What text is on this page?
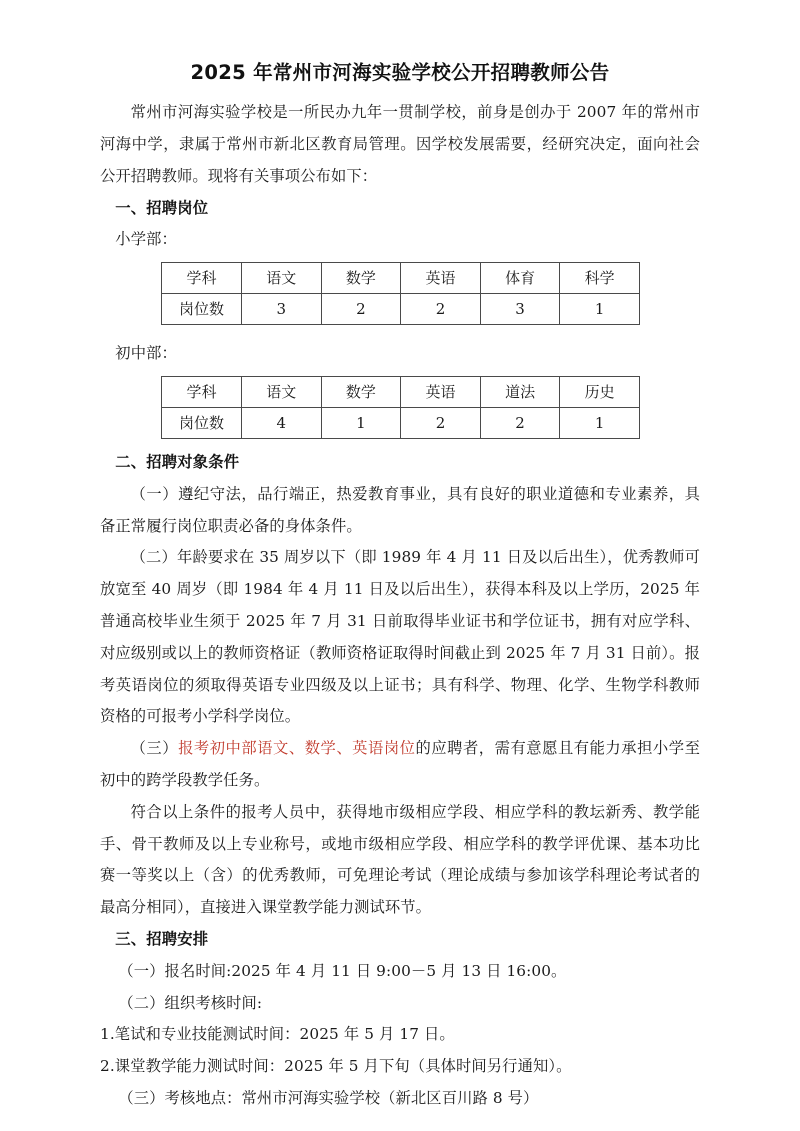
2025 年常州市河海实验学校公开招聘教师公告

常州市河海实验学校是一所民办九年一贯制学校，前身是创办于 2007 年的常州市河海中学，隶属于常州市新北区教育局管理。因学校发展需要，经研究决定，面向社会公开招聘教师。现将有关事项公布如下：

一、招聘岗位

小学部：

学科	语文	数学	英语	体育	科学
岗位数	3	2	2	3	1

初中部：

学科	语文	数学	英语	道法	历史
岗位数	4	1	2	2	1
二、招聘对象条件

（一）遵纪守法，品行端正，热爱教育事业，具有良好的职业道德和专业素养，具备正常履行岗位职责必备的身体条件。

（二）年龄要求在 35 周岁以下（即 1989 年 4 月 11 日及以后出生），优秀教师可放宽至 40 周岁（即 1984 年 4 月 11 日及以后出生），获得本科及以上学历，2025 年普通高校毕业生须于 2025 年 7 月 31 日前取得毕业证书和学位证书，拥有对应学科、对应级别或以上的教师资格证（教师资格证取得时间截止到 2025 年 7 月 31 日前）。报考英语岗位的须取得英语专业四级及以上证书；具有科学、物理、化学、生物学科教师资格的可报考小学科学岗位。

（三）报考初中部语文、数学、英语岗位的应聘者，需有意愿且有能力承担小学至初中的跨学段教学任务。

符合以上条件的报考人员中，获得地市级相应学段、相应学科的教坛新秀、教学能手、骨干教师及以上专业称号，或地市级相应学段、相应学科的教学评优课、基本功比赛一等奖以上（含）的优秀教师，可免理论考试（理论成绩与参加该学科理论考试者的最高分相同），直接进入课堂教学能力测试环节。

三、招聘安排

（一）报名时间:2025 年 4 月 11 日 9:00－5 月 13 日 16:00。

（二）组织考核时间:

1.笔试和专业技能测试时间：2025 年 5 月 17 日。

2.课堂教学能力测试时间：2025 年 5 月下旬（具体时间另行通知）。

（三）考核地点：常州市河海实验学校（新北区百川路 8 号）
